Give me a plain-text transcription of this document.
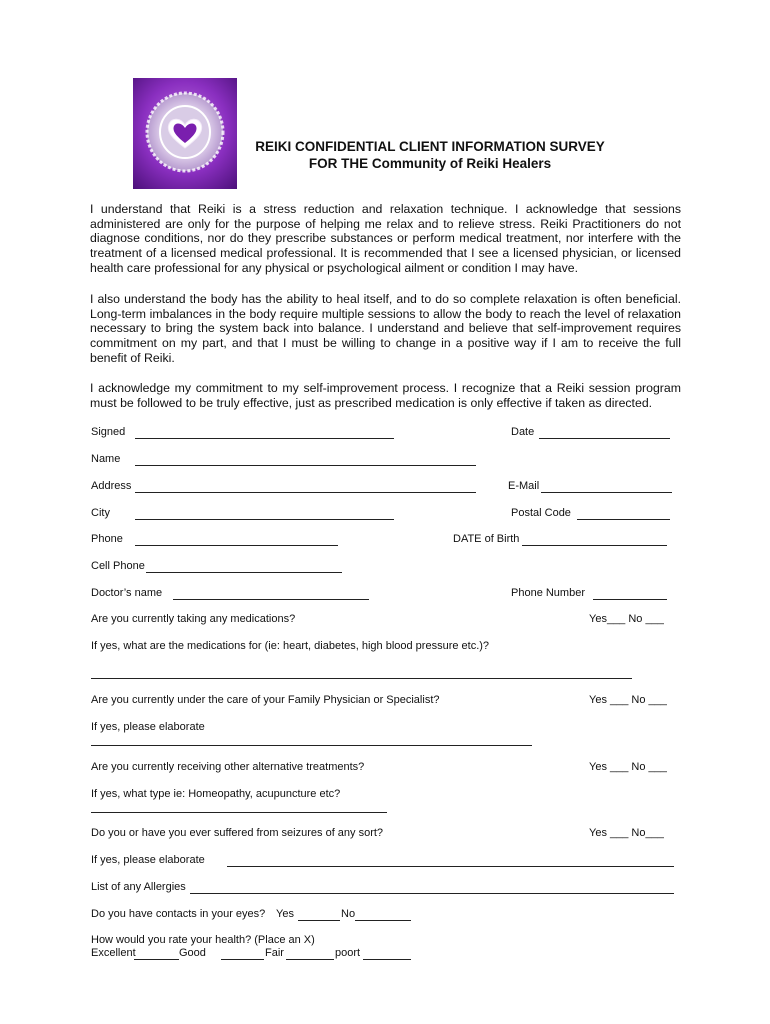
REIKI CONFIDENTIAL CLIENT INFORMATION SURVEY
FOR THE Community of Reiki Healers

I understand that Reiki is a stress reduction and relaxation technique. I acknowledge that sessions administered are only for the purpose of helping me relax and to relieve stress. Reiki Practitioners do not diagnose conditions, nor do they prescribe substances or perform medical treatment, nor interfere with the treatment of a licensed medical professional. It is recommended that I see a licensed physician, or licensed health care professional for any physical or psychological ailment or condition I may have.

I also understand the body has the ability to heal itself, and to do so complete relaxation is often beneficial. Long-term imbalances in the body require multiple sessions to allow the body to reach the level of relaxation necessary to bring the system back into balance. I understand and believe that self-improvement requires commitment on my part, and that I must be willing to change in a positive way if I am to receive the full benefit of Reiki.

I acknowledge my commitment to my self-improvement process. I recognize that a Reiki session program must be followed to be truly effective, just as prescribed medication is only effective if taken as directed.

Signed	Date
Name
Address	E-Mail
City	Postal Code
Phone	DATE of Birth
Cell Phone
Doctor’s name	Phone Number
Are you currently taking any medications?	Yes___ No ___
If yes, what are the medications for (ie: heart, diabetes, high blood pressure etc.)?
Are you currently under the care of your Family Physician or Specialist?	Yes ___ No ___
If yes, please elaborate
Are you currently receiving other alternative treatments?	Yes ___ No ___
If yes, what type ie: Homeopathy, acupuncture etc?
Do you or have you ever suffered from seizures of any sort?	Yes ___ No___
If yes, please elaborate
List of any Allergies
Do you have contacts in your eyes? Yes	No
How would you rate your health? (Place an X)
Excellent	Good	Fair	poort
